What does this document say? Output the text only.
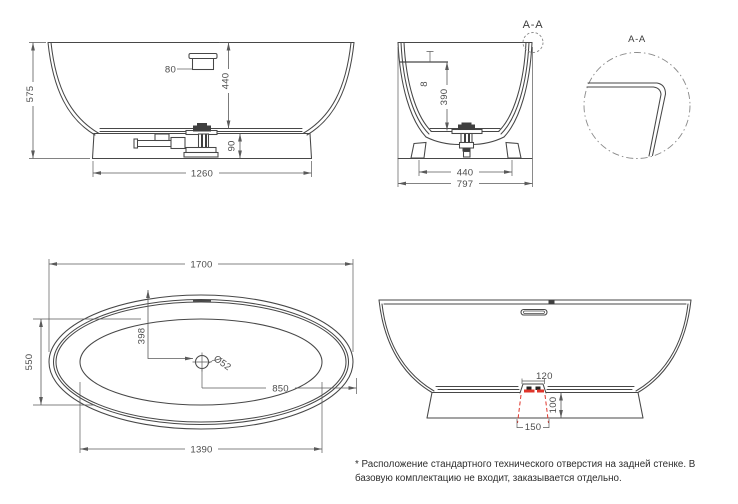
575
80
440
90
1260
A-A
8
390
440
797
A-A
1700
550
398
Ø52
850
1390
120
150
100
* Расположение стандартного технического отверстия на задней стенке. В
базовую комплектацию не входит, заказывается отдельно.
